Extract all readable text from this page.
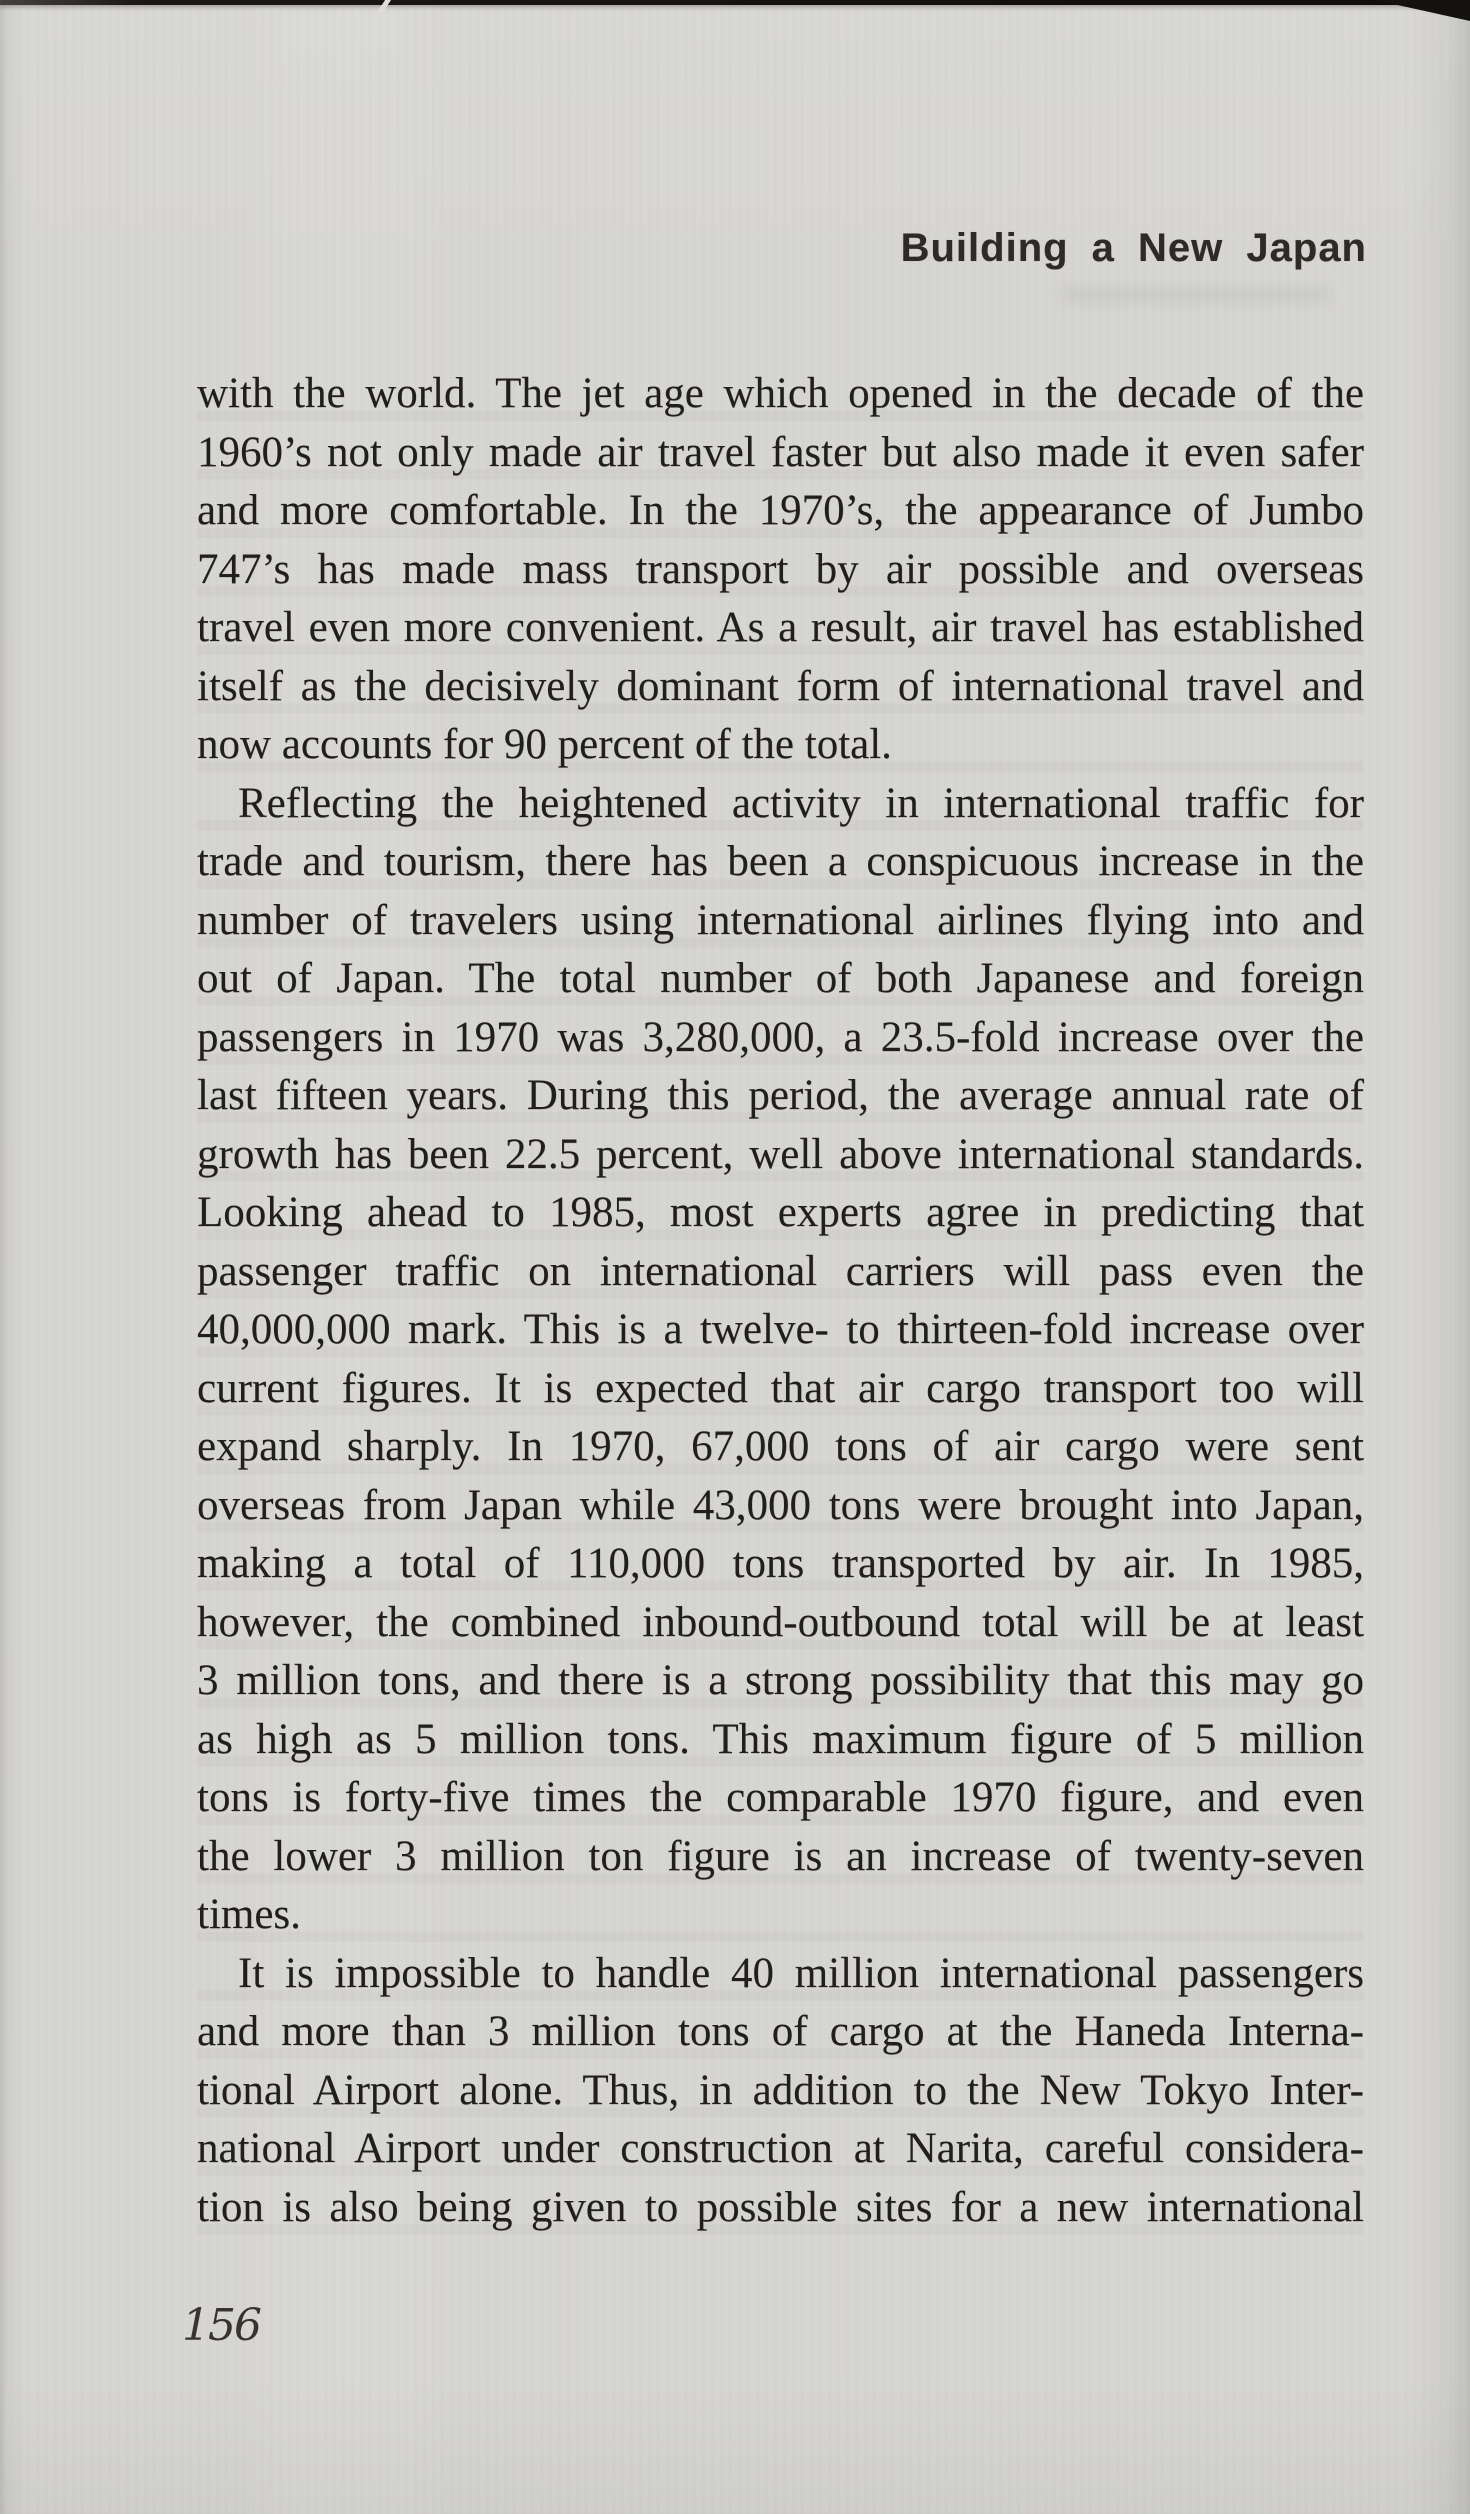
Building a New Japan
with the world. The jet age which opened in the decade of the
1960’s not only made air travel faster but also made it even safer
and more comfortable. In the 1970’s, the appearance of Jumbo
747’s has made mass transport by air possible and overseas
travel even more convenient. As a result, air travel has established
itself as the decisively dominant form of international travel and
now accounts for 90 percent of the total.
Reflecting the heightened activity in international traffic for
trade and tourism, there has been a conspicuous increase in the
number of travelers using international airlines flying into and
out of Japan. The total number of both Japanese and foreign
passengers in 1970 was 3,280,000, a 23.5-fold increase over the
last fifteen years. During this period, the average annual rate of
growth has been 22.5 percent, well above international standards.
Looking ahead to 1985, most experts agree in predicting that
passenger traffic on international carriers will pass even the
40,000,000 mark. This is a twelve- to thirteen-fold increase over
current figures. It is expected that air cargo transport too will
expand sharply. In 1970, 67,000 tons of air cargo were sent
overseas from Japan while 43,000 tons were brought into Japan,
making a total of 110,000 tons transported by air. In 1985,
however, the combined inbound-outbound total will be at least
3 million tons, and there is a strong possibility that this may go
as high as 5 million tons. This maximum figure of 5 million
tons is forty-five times the comparable 1970 figure, and even
the lower 3 million ton figure is an increase of twenty-seven
times.
It is impossible to handle 40 million international passengers
and more than 3 million tons of cargo at the Haneda Interna-
tional Airport alone. Thus, in addition to the New Tokyo Inter-
national Airport under construction at Narita, careful considera-
tion is also being given to possible sites for a new international
156
